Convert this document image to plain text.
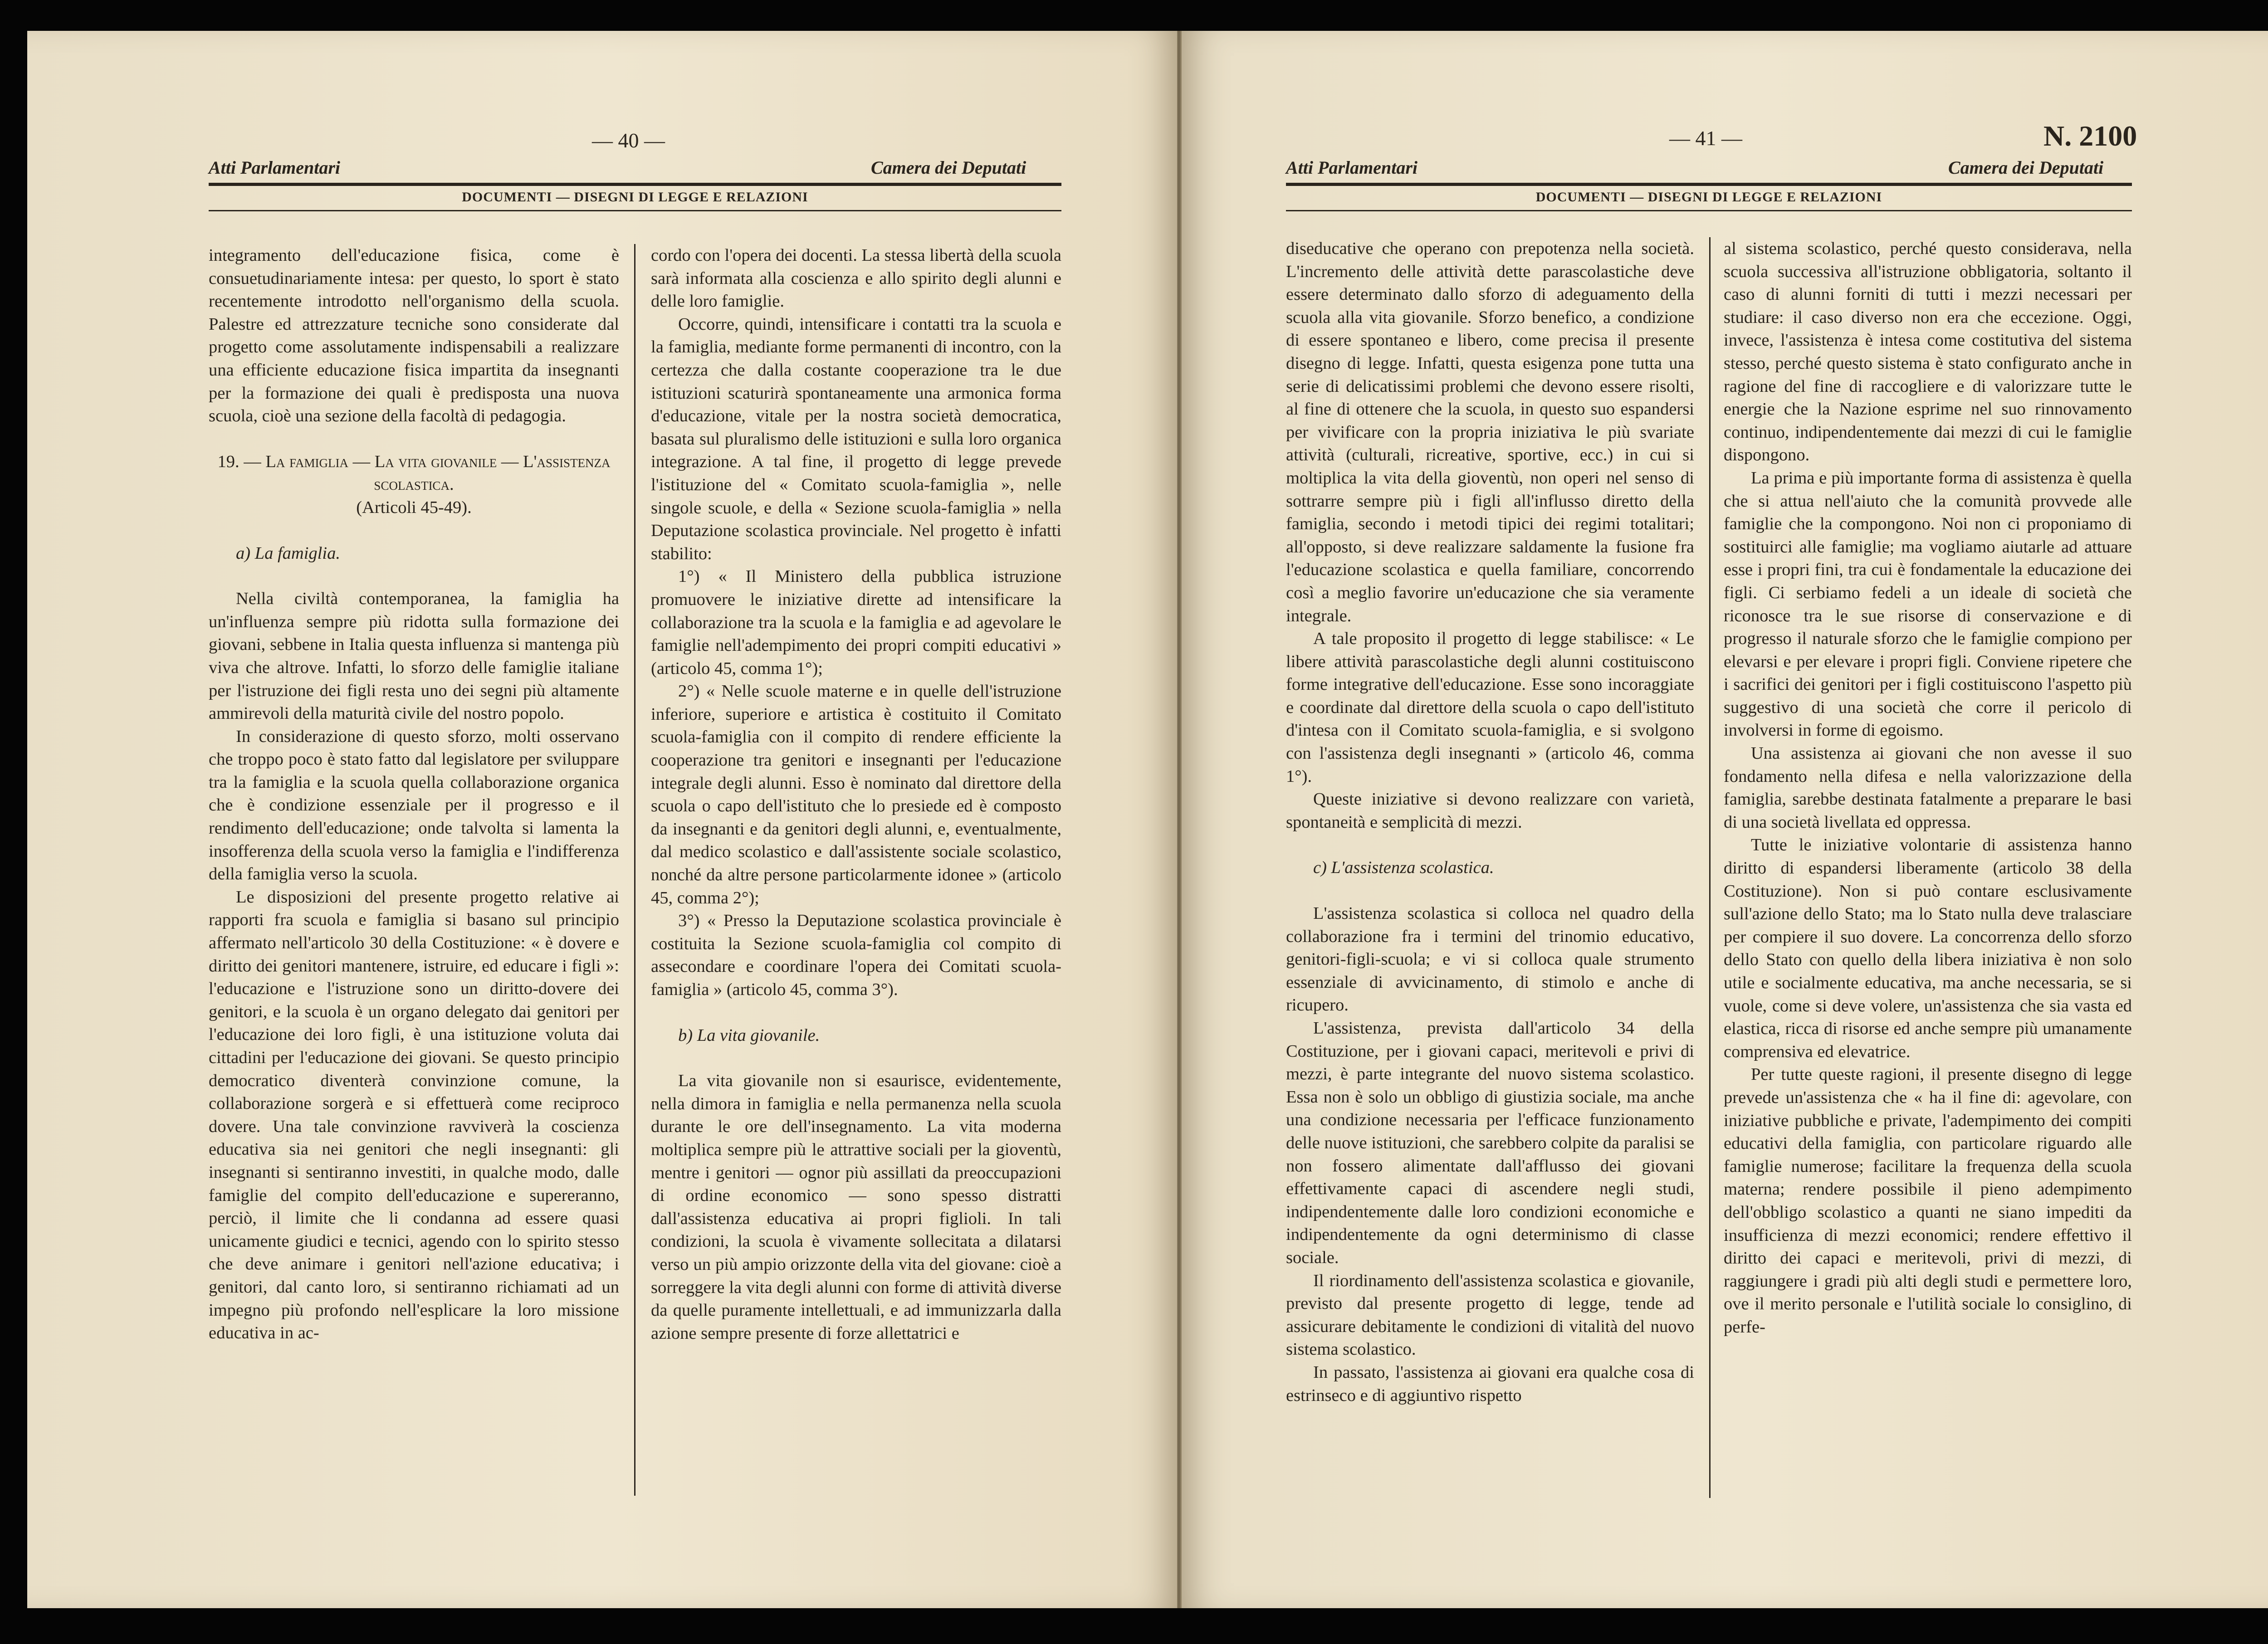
— 40 —
Atti Parlamentari	Camera dei Deputati
DOCUMENTI — DISEGNI DI LEGGE E RELAZIONI

integramento dell'educazione fisica, come è consuetudinariamente intesa: per questo, lo sport è stato recentemente introdotto nell'organismo della scuola. Palestre ed attrezzature tecniche sono considerate dal progetto come assolutamente indispensabili a realizzare una efficiente educazione fisica impartita da insegnanti per la formazione dei quali è predisposta una nuova scuola, cioè una sezione della facoltà di pedagogia.

19. — La famiglia — La vita giovanile — L'assistenza scolastica.

(Articoli 45-49).

a) La famiglia.

Nella civiltà contemporanea, la famiglia ha un'influenza sempre più ridotta sulla formazione dei giovani, sebbene in Italia questa influenza si mantenga più viva che altrove. Infatti, lo sforzo delle famiglie italiane per l'istruzione dei figli resta uno dei segni più altamente ammirevoli della maturità civile del nostro popolo.

In considerazione di questo sforzo, molti osservano che troppo poco è stato fatto dal legislatore per sviluppare tra la famiglia e la scuola quella collaborazione organica che è condizione essenziale per il progresso e il rendimento dell'educazione; onde talvolta si lamenta la insofferenza della scuola verso la famiglia e l'indifferenza della famiglia verso la scuola.

Le disposizioni del presente progetto relative ai rapporti fra scuola e famiglia si basano sul principio affermato nell'articolo 30 della Costituzione: « è dovere e diritto dei genitori mantenere, istruire, ed educare i figli »: l'educazione e l'istruzione sono un diritto-dovere dei genitori, e la scuola è un organo delegato dai genitori per l'educazione dei loro figli, è una istituzione voluta dai cittadini per l'educazione dei giovani. Se questo principio democratico diventerà convinzione comune, la collaborazione sorgerà e si effettuerà come reciproco dovere. Una tale convinzione ravviverà la coscienza educativa sia nei genitori che negli insegnanti: gli insegnanti si sentiranno investiti, in qualche modo, dalle famiglie del compito dell'educazione e supereranno, perciò, il limite che li condanna ad essere quasi unicamente giudici e tecnici, agendo con lo spirito stesso che deve animare i genitori nell'azione educativa; i genitori, dal canto loro, si sentiranno richiamati ad un impegno più profondo nell'esplicare la loro missione educativa in ac-

cordo con l'opera dei docenti. La stessa libertà della scuola sarà informata alla coscienza e allo spirito degli alunni e delle loro famiglie.

Occorre, quindi, intensificare i contatti tra la scuola e la famiglia, mediante forme permanenti di incontro, con la certezza che dalla costante cooperazione tra le due istituzioni scaturirà spontaneamente una armonica forma d'educazione, vitale per la nostra società democratica, basata sul pluralismo delle istituzioni e sulla loro organica integrazione. A tal fine, il progetto di legge prevede l'istituzione del « Comitato scuola-famiglia », nelle singole scuole, e della « Sezione scuola-famiglia » nella Deputazione scolastica provinciale. Nel progetto è infatti stabilito:

1°) « Il Ministero della pubblica istruzione promuovere le iniziative dirette ad intensificare la collaborazione tra la scuola e la famiglia e ad agevolare le famiglie nell'adempimento dei propri compiti educativi » (articolo 45, comma 1°);

2°) « Nelle scuole materne e in quelle dell'istruzione inferiore, superiore e artistica è costituito il Comitato scuola-famiglia con il compito di rendere efficiente la cooperazione tra genitori e insegnanti per l'educazione integrale degli alunni. Esso è nominato dal direttore della scuola o capo dell'istituto che lo presiede ed è composto da insegnanti e da genitori degli alunni, e, eventualmente, dal medico scolastico e dall'assistente sociale scolastico, nonché da altre persone particolarmente idonee » (articolo 45, comma 2°);

3°) « Presso la Deputazione scolastica provinciale è costituita la Sezione scuola-famiglia col compito di assecondare e coordinare l'opera dei Comitati scuola-famiglia » (articolo 45, comma 3°).

b) La vita giovanile.

La vita giovanile non si esaurisce, evidentemente, nella dimora in famiglia e nella permanenza nella scuola durante le ore dell'insegnamento. La vita moderna moltiplica sempre più le attrattive sociali per la gioventù, mentre i genitori — ognor più assillati da preoccupazioni di ordine economico — sono spesso distratti dall'assistenza educativa ai propri figlioli. In tali condizioni, la scuola è vivamente sollecitata a dilatarsi verso un più ampio orizzonte della vita del giovane: cioè a sorreggere la vita degli alunni con forme di attività diverse da quelle puramente intellettuali, e ad immunizzarla dalla azione sempre presente di forze allettatrici e

— 41 —	N. 2100
Atti Parlamentari	Camera dei Deputati
DOCUMENTI — DISEGNI DI LEGGE E RELAZIONI

diseducative che operano con prepotenza nella società. L'incremento delle attività dette parascolastiche deve essere determinato dallo sforzo di adeguamento della scuola alla vita giovanile. Sforzo benefico, a condizione di essere spontaneo e libero, come precisa il presente disegno di legge. Infatti, questa esigenza pone tutta una serie di delicatissimi problemi che devono essere risolti, al fine di ottenere che la scuola, in questo suo espandersi per vivificare con la propria iniziativa le più svariate attività (culturali, ricreative, sportive, ecc.) in cui si moltiplica la vita della gioventù, non operi nel senso di sottrarre sempre più i figli all'influsso diretto della famiglia, secondo i metodi tipici dei regimi totalitari; all'opposto, si deve realizzare saldamente la fusione fra l'educazione scolastica e quella familiare, concorrendo così a meglio favorire un'educazione che sia veramente integrale.

A tale proposito il progetto di legge stabilisce: « Le libere attività parascolastiche degli alunni costituiscono forme integrative dell'educazione. Esse sono incoraggiate e coordinate dal direttore della scuola o capo dell'istituto d'intesa con il Comitato scuola-famiglia, e si svolgono con l'assistenza degli insegnanti » (articolo 46, comma 1°).

Queste iniziative si devono realizzare con varietà, spontaneità e semplicità di mezzi.

c) L'assistenza scolastica.

L'assistenza scolastica si colloca nel quadro della collaborazione fra i termini del trinomio educativo, genitori-figli-scuola; e vi si colloca quale strumento essenziale di avvicinamento, di stimolo e anche di ricupero.

L'assistenza, prevista dall'articolo 34 della Costituzione, per i giovani capaci, meritevoli e privi di mezzi, è parte integrante del nuovo sistema scolastico. Essa non è solo un obbligo di giustizia sociale, ma anche una condizione necessaria per l'efficace funzionamento delle nuove istituzioni, che sarebbero colpite da paralisi se non fossero alimentate dall'afflusso dei giovani effettivamente capaci di ascendere negli studi, indipendentemente dalle loro condizioni economiche e indipendentemente da ogni determinismo di classe sociale.

Il riordinamento dell'assistenza scolastica e giovanile, previsto dal presente progetto di legge, tende ad assicurare debitamente le condizioni di vitalità del nuovo sistema scolastico.

In passato, l'assistenza ai giovani era qualche cosa di estrinseco e di aggiuntivo rispetto

al sistema scolastico, perché questo considerava, nella scuola successiva all'istruzione obbligatoria, soltanto il caso di alunni forniti di tutti i mezzi necessari per studiare: il caso diverso non era che eccezione. Oggi, invece, l'assistenza è intesa come costitutiva del sistema stesso, perché questo sistema è stato configurato anche in ragione del fine di raccogliere e di valorizzare tutte le energie che la Nazione esprime nel suo rinnovamento continuo, indipendentemente dai mezzi di cui le famiglie dispongono.

La prima e più importante forma di assistenza è quella che si attua nell'aiuto che la comunità provvede alle famiglie che la compongono. Noi non ci proponiamo di sostituirci alle famiglie; ma vogliamo aiutarle ad attuare esse i propri fini, tra cui è fondamentale la educazione dei figli. Ci serbiamo fedeli a un ideale di società che riconosce tra le sue risorse di conservazione e di progresso il naturale sforzo che le famiglie compiono per elevarsi e per elevare i propri figli. Conviene ripetere che i sacrifici dei genitori per i figli costituiscono l'aspetto più suggestivo di una società che corre il pericolo di involversi in forme di egoismo.

Una assistenza ai giovani che non avesse il suo fondamento nella difesa e nella valorizzazione della famiglia, sarebbe destinata fatalmente a preparare le basi di una società livellata ed oppressa.

Tutte le iniziative volontarie di assistenza hanno diritto di espandersi liberamente (articolo 38 della Costituzione). Non si può contare esclusivamente sull'azione dello Stato; ma lo Stato nulla deve tralasciare per compiere il suo dovere. La concorrenza dello sforzo dello Stato con quello della libera iniziativa è non solo utile e socialmente educativa, ma anche necessaria, se si vuole, come si deve volere, un'assistenza che sia vasta ed elastica, ricca di risorse ed anche sempre più umanamente comprensiva ed elevatrice.

Per tutte queste ragioni, il presente disegno di legge prevede un'assistenza che « ha il fine di: agevolare, con iniziative pubbliche e private, l'adempimento dei compiti educativi della famiglia, con particolare riguardo alle famiglie numerose; facilitare la frequenza della scuola materna; rendere possibile il pieno adempimento dell'obbligo scolastico a quanti ne siano impediti da insufficienza di mezzi economici; rendere effettivo il diritto dei capaci e meritevoli, privi di mezzi, di raggiungere i gradi più alti degli studi e permettere loro, ove il merito personale e l'utilità sociale lo consiglino, di perfe-
